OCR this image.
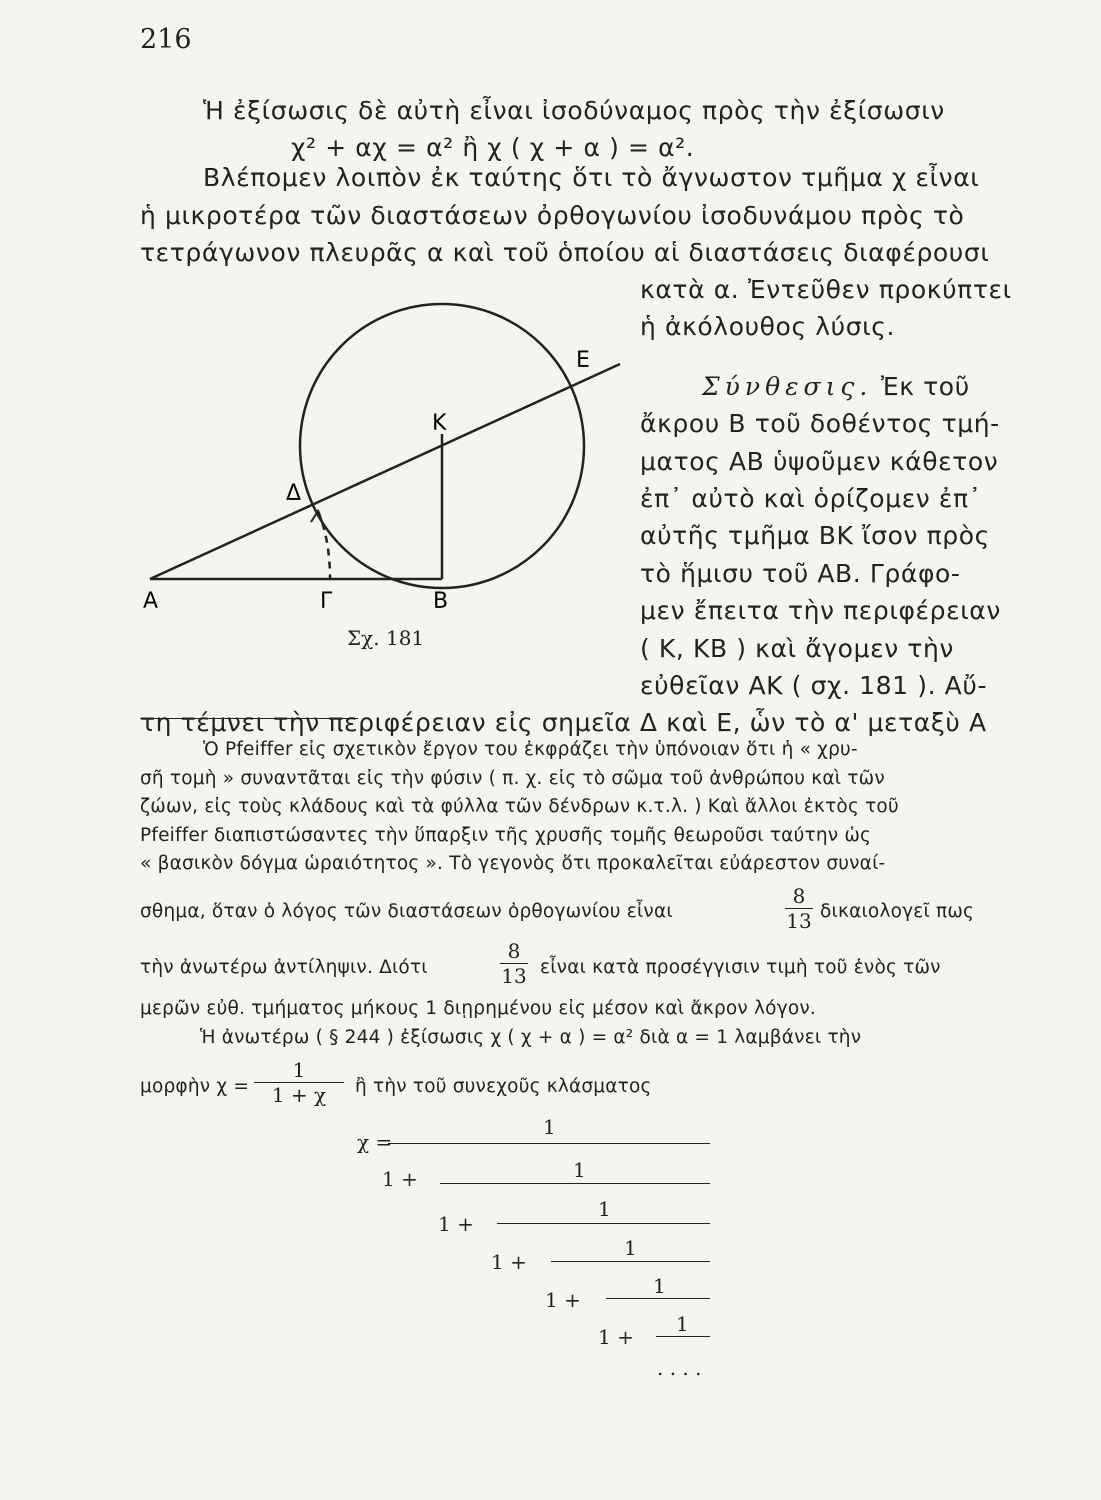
216
Ἡ ἐξίσωσις δὲ αὐτὴ εἶναι ἰσοδύναμος πρὸς τὴν ἐξίσωσιν
χ² + αχ = α² ἢ χ ( χ + α ) = α².
Βλέπομεν λοιπὸν ἐκ ταύτης ὅτι τὸ ἄγνωστον τμῆμα χ εἶναι
ἡ μικροτέρα τῶν διαστάσεων ὀρθογωνίου ἰσοδυνάμου πρὸς τὸ
τετράγωνον πλευρᾶς α καὶ τοῦ ὁποίου αἱ διαστάσεις διαφέρουσι
κατὰ α. Ἐντεῦθεν προκύπτει
ἡ ἀκόλουθος λύσις.
Σύνθεσις. Ἐκ τοῦ
ἄκρου Β τοῦ δοθέντος τμή-
ματος ΑΒ ὑψοῦμεν κάθετον
ἐπ᾽ αὐτὸ καὶ ὁρίζομεν ἐπ᾽
αὐτῆς τμῆμα ΒΚ ἴσον πρὸς
τὸ ἥμισυ τοῦ ΑΒ. Γράφο-
μεν ἔπειτα τὴν περιφέρειαν
( Κ, ΚΒ ) καὶ ἄγομεν τὴν
εὐθεῖαν ΑΚ ( σχ. 181 ). Αὔ-
τη τέμνει τὴν περιφέρειαν εἰς σημεῖα Δ καὶ Ε, ὧν τὸ α' μεταξὺ Α
Α	Γ	Β
Δ
Ε
Κ
Σχ. 181
Ὁ Pfeiffer εἰς σχετικὸν ἔργον του ἐκφράζει τὴν ὑπόνοιαν ὅτι ἡ « χρυ-
σῆ τομὴ » συναντᾶται εἰς τὴν φύσιν ( π. χ. εἰς τὸ σῶμα τοῦ ἀνθρώπου καὶ τῶν
ζώων, εἰς τοὺς κλάδους καὶ τὰ φύλλα τῶν δένδρων κ.τ.λ. ) Καὶ ἄλλοι ἐκτὸς τοῦ
Pfeiffer διαπιστώσαντες τὴν ὕπαρξιν τῆς χρυσῆς τομῆς θεωροῦσι ταύτην ὡς
« βασικὸν δόγμα ὡραιότητος ». Τὸ γεγονὸς ὅτι προκαλεῖται εὐάρεστον συναί-
σθημα, ὅταν ὁ λόγος τῶν διαστάσεων ὀρθογωνίου εἶναι
8
13 δικαιολογεῖ πως
τὴν ἀνωτέρω ἀντίληψιν. Διότι
8
13 εἶναι κατὰ προσέγγισιν τιμὴ τοῦ ἑνὸς τῶν
μερῶν εὐθ. τμήματος μήκους 1 διῃρημένου εἰς μέσον καὶ ἄκρον λόγον.
Ἡ ἀνωτέρω ( § 244 ) ἐξίσωσις χ ( χ + α ) = α² διὰ α = 1 λαμβάνει τὴν
μορφὴν χ =
1
1 + χ ἢ τὴν τοῦ συνεχοῦς κλάσματος
χ =
1
1 +	1
1 +
1
1 +
1
1 +
1
1 +
1
. . . .
